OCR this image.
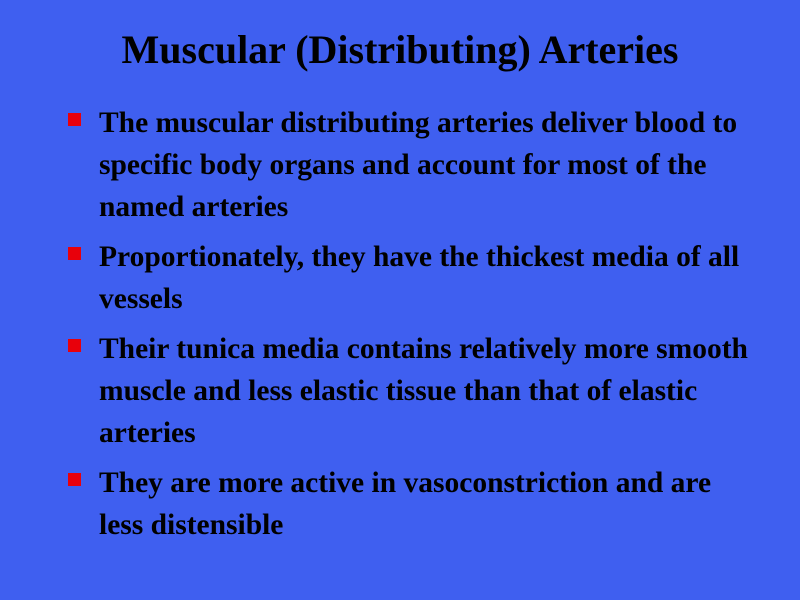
Muscular (Distributing) Arteries
The muscular distributing arteries deliver blood to specific body organs and account for most of the named arteries
Proportionately, they have the thickest media of all vessels
Their tunica media contains relatively more smooth muscle and less elastic tissue than that of elastic arteries
They are more active in vasoconstriction and are less distensible
